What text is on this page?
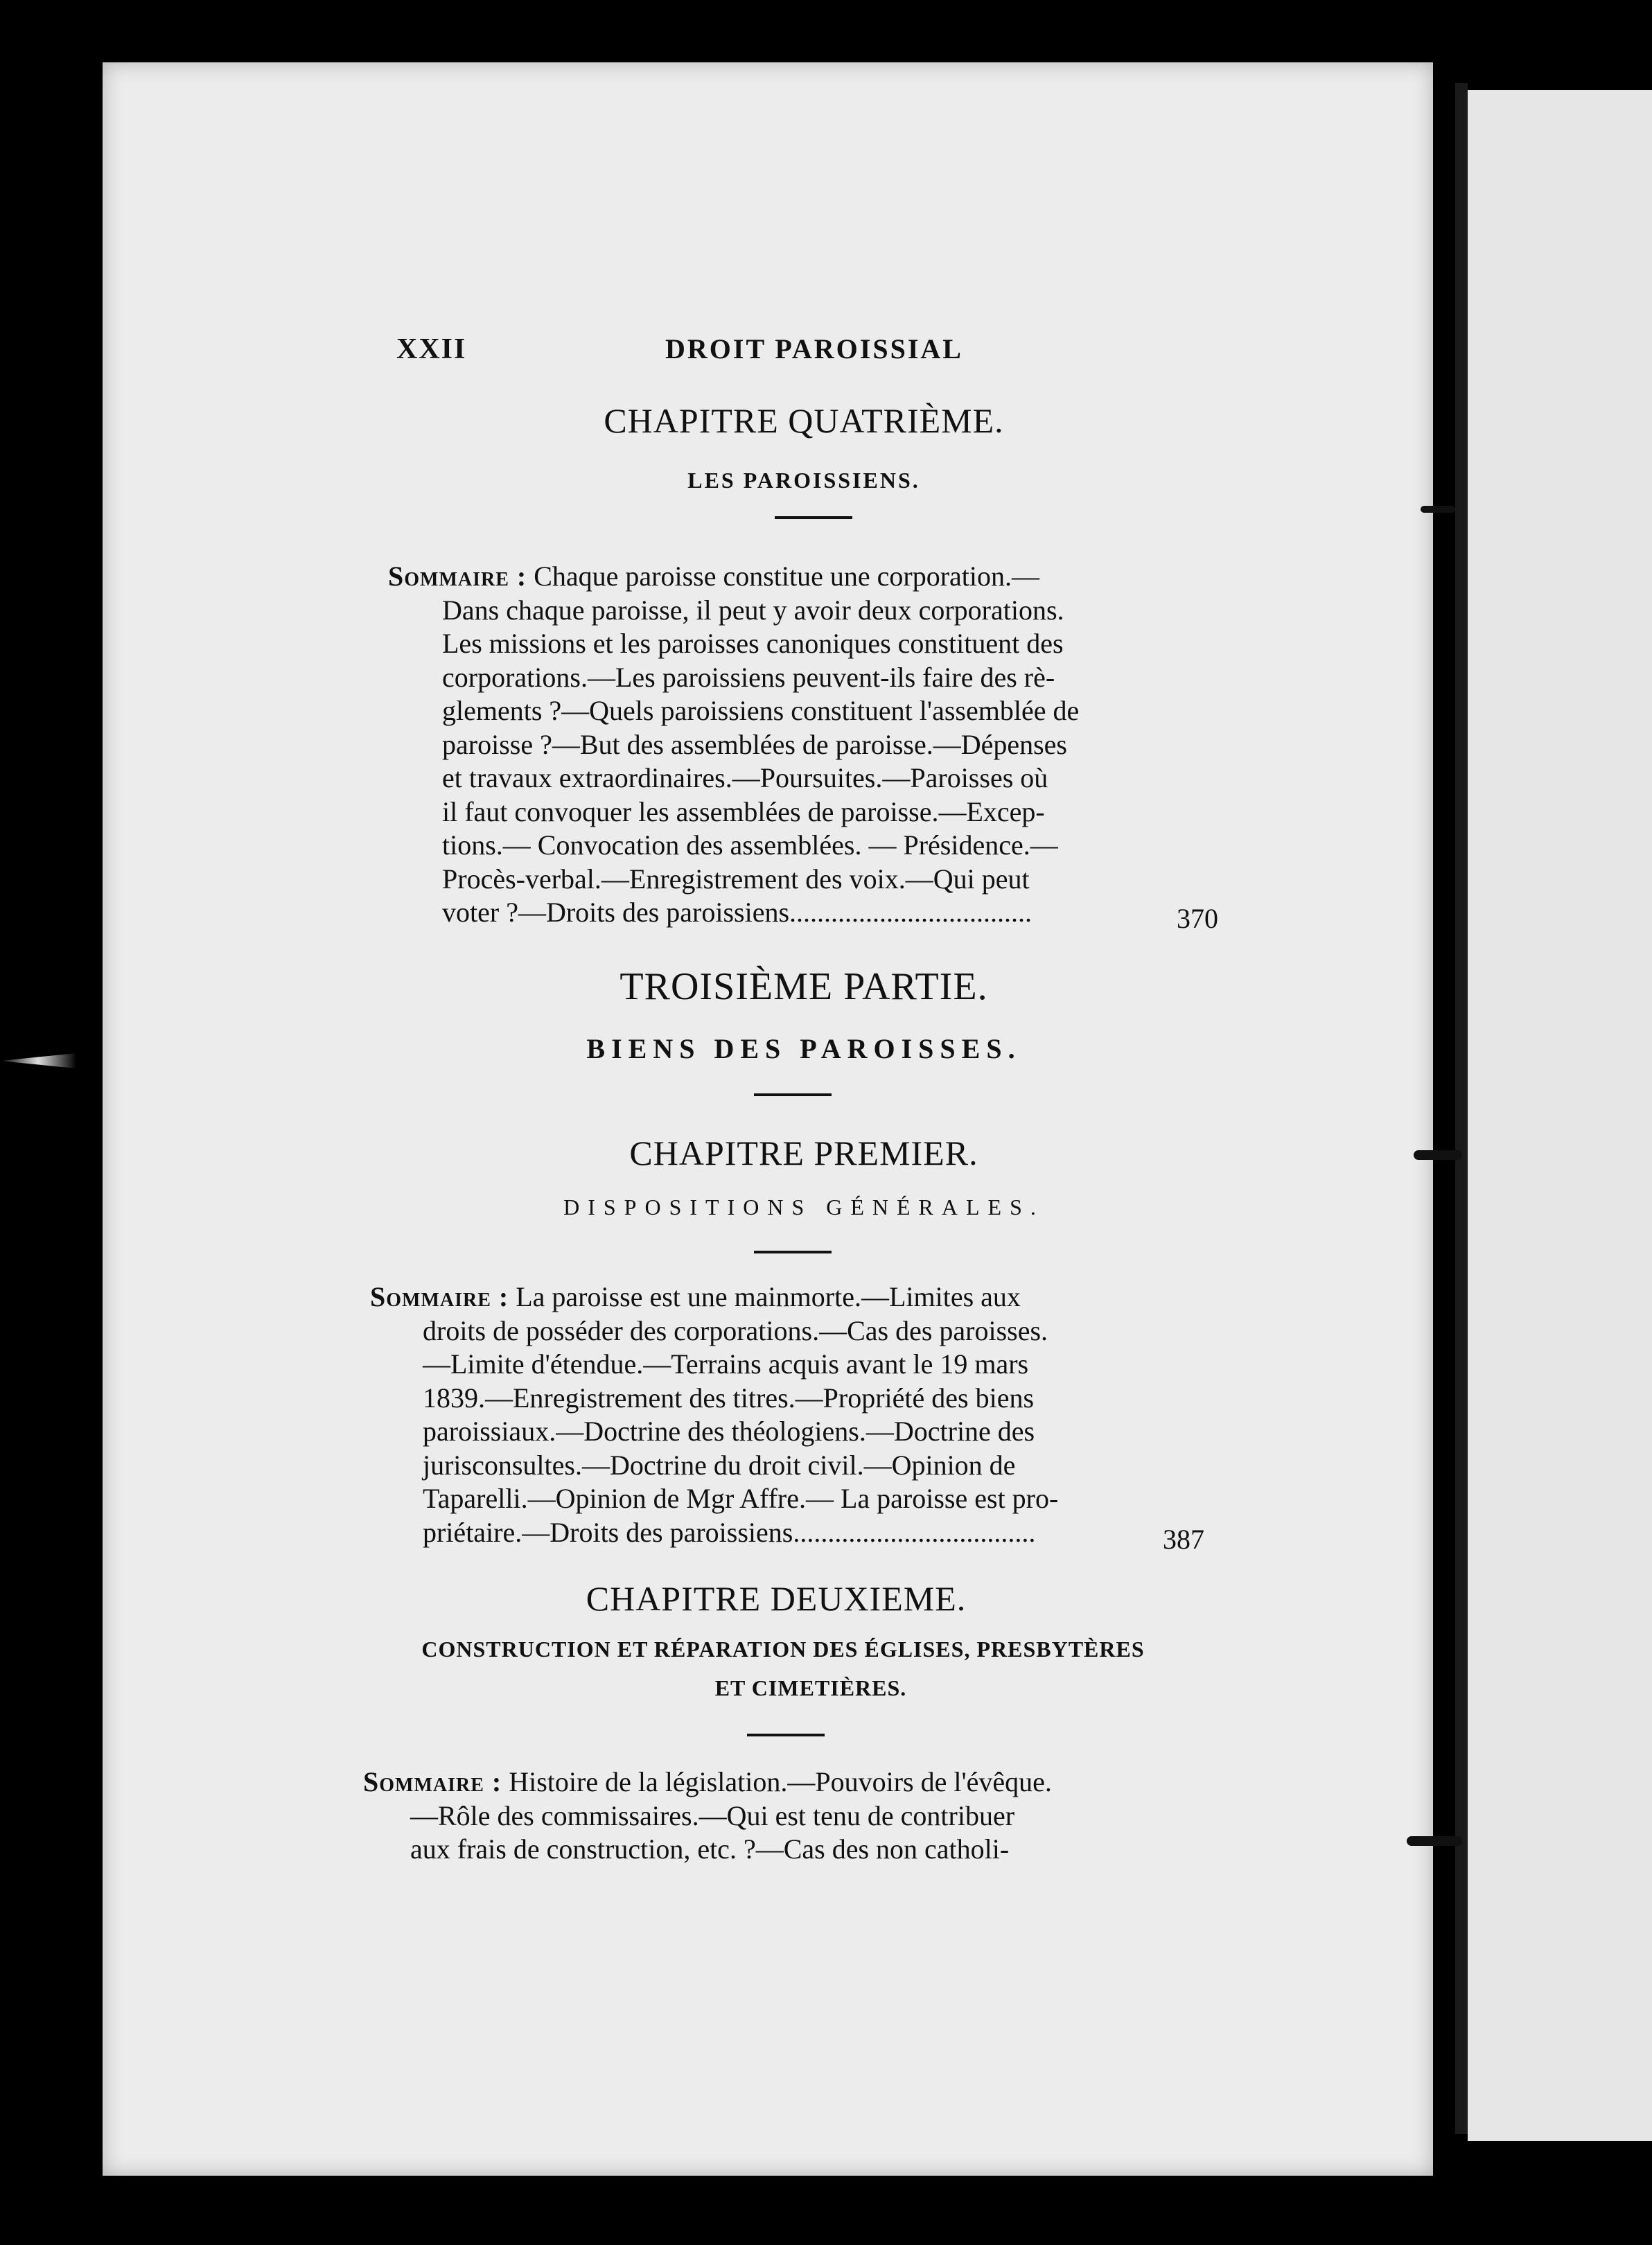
XXII	DROIT PAROISSIAL
CHAPITRE QUATRIÈME.
LES PAROISSIENS.
Sommaire : Chaque paroisse constitue une corporation.—
Dans chaque paroisse, il peut y avoir deux corporations.
Les missions et les paroisses canoniques constituent des
corporations.—Les paroissiens peuvent-ils faire des rè-
glements ?—Quels paroissiens constituent l'assemblée de
paroisse ?—But des assemblées de paroisse.—Dépenses
et travaux extraordinaires.—Poursuites.—Paroisses où
il faut convoquer les assemblées de paroisse.—Excep-
tions.— Convocation des assemblées. — Présidence.—
Procès-verbal.—Enregistrement des voix.—Qui peut
voter ?—Droits des paroissiens...................................	370
TROISIÈME PARTIE.
BIENS DES PAROISSES.
CHAPITRE PREMIER.
DISPOSITIONS GÉNÉRALES.
Sommaire : La paroisse est une mainmorte.—Limites aux
droits de posséder des corporations.—Cas des paroisses.
—Limite d'étendue.—Terrains acquis avant le 19 mars
1839.—Enregistrement des titres.—Propriété des biens
paroissiaux.—Doctrine des théologiens.—Doctrine des
jurisconsultes.—Doctrine du droit civil.—Opinion de
Taparelli.—Opinion de Mgr Affre.— La paroisse est pro-
priétaire.—Droits des paroissiens...................................	387
CHAPITRE DEUXIEME.
CONSTRUCTION ET RÉPARATION DES ÉGLISES, PRESBYTÈRES
ET CIMETIÈRES.
Sommaire : Histoire de la législation.—Pouvoirs de l'évêque.
—Rôle des commissaires.—Qui est tenu de contribuer
aux frais de construction, etc. ?—Cas des non catholi-
